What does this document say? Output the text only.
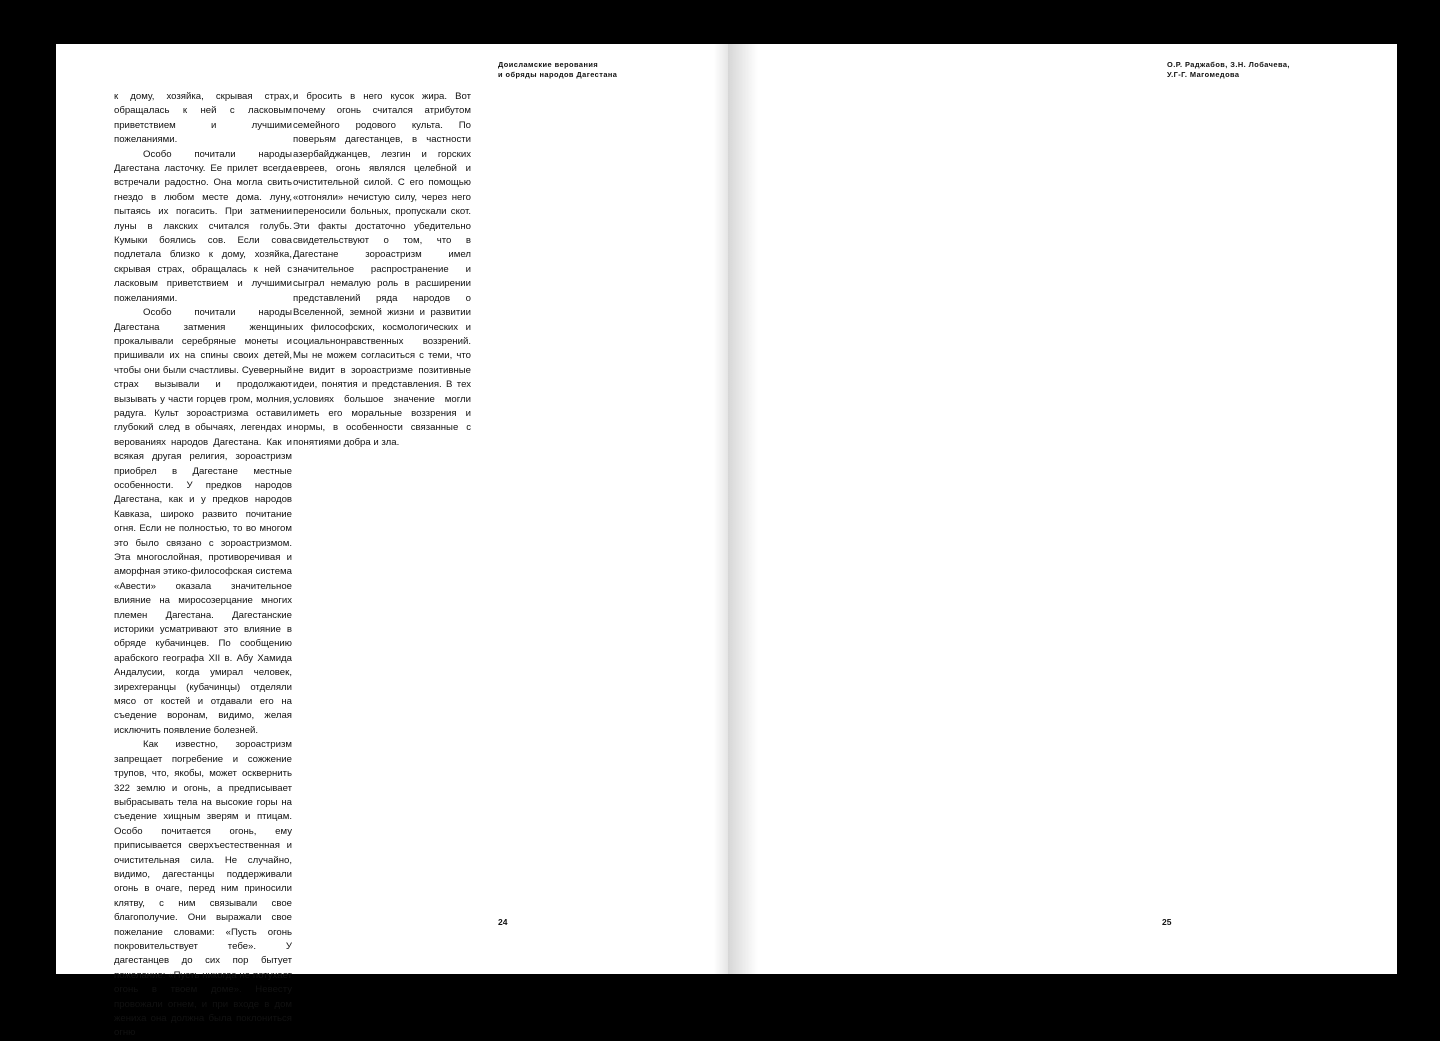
Доисламские верования
и обряды народов Дагестана

к дому, хозяйка, скрывая страх, обращалась к ней с ласковым приветствием и лучшими пожеланиями.

Особо почитали народы Дагестана ласточку. Ее прилет всегда встречали радостно. Она могла свить гнездо в любом месте дома. луну, пытаясь их погасить. При затмении луны в лакских считался голубь. Кумыки боялись сов. Если сова подлетала близко к дому, хозяйка, скрывая страх, обращалась к ней с ласковым приветствием и лучшими пожеланиями.

Особо почитали народы Дагестана затмения женщины прокалывали серебряные монеты и пришивали их на спины своих детей, чтобы они были счастливы. Суеверный страх вызывали и продолжают вызывать у части горцев гром, молния, радуга. Культ зороастризма оставил глубокий след в обычаях, легендах и верованиях народов Дагестана. Как и всякая другая религия, зороастризм приобрел в Дагестане местные особенности. У предков народов Дагестана, как и у предков народов Кавказа, широко развито почитание огня. Если не полностью, то во многом это было связано с зороастризмом. Эта многослойная, противоречивая и аморфная этико-философская система «Авести» оказала значительное влияние на миросозерцание многих племен Дагестана. Дагестанские историки усматривают это влияние в обряде кубачинцев. По сообщению арабского географа XII в. Абу Хамида Андалусии, когда умирал человек, зирехгеранцы (кубачинцы) отделяли мясо от костей и отдавали его на съедение воронам, видимо, желая исключить появление болезней.

Как известно, зороастризм запрещает погребение и сожжение трупов, что, якобы, может осквернить 322 землю и огонь, а предписывает выбрасывать тела на высокие горы на съедение хищным зверям и птицам. Особо почитается огонь, ему приписывается сверхъестественная и очистительная сила. Не случайно, видимо, дагестанцы поддерживали огонь в очаге, перед ним приносили клятву, с ним связывали свое благополучие. Они выражали свое пожелание словами: «Пусть огонь покровительствует тебе». У дагестанцев до сих пор бытует пожелание: «Пусть никогда не потухает огонь в твоем доме». Невесту провожали огнем, и при входе в дом жениха она должна была поклониться огню

и бросить в него кусок жира. Вот почему огонь считался атрибутом семейного родового культа. По поверьям дагестанцев, в частности азербайджанцев, лезгин и горских евреев, огонь являлся целебной и очистительной силой. С его помощью «отгоняли» нечистую силу, через него переносили больных, пропускали скот. Эти факты достаточно убедительно свидетельствуют о том, что в Дагестане зороастризм имел значительное распространение и сыграл немалую роль в расширении представлений ряда народов о Вселенной, земной жизни и развитии их философских, космологических и социальнонравственных воззрений. Мы не можем согласиться с теми, что не видит в зороастризме позитивные идеи, понятия и представления. В тех условиях большое значение могли иметь его моральные воззрения и нормы, в особенности связанные с понятиями добра и зла.

24
О.Р. Раджабов, З.Н. Лобачева,
У.Г-Г. Магомедова
25
